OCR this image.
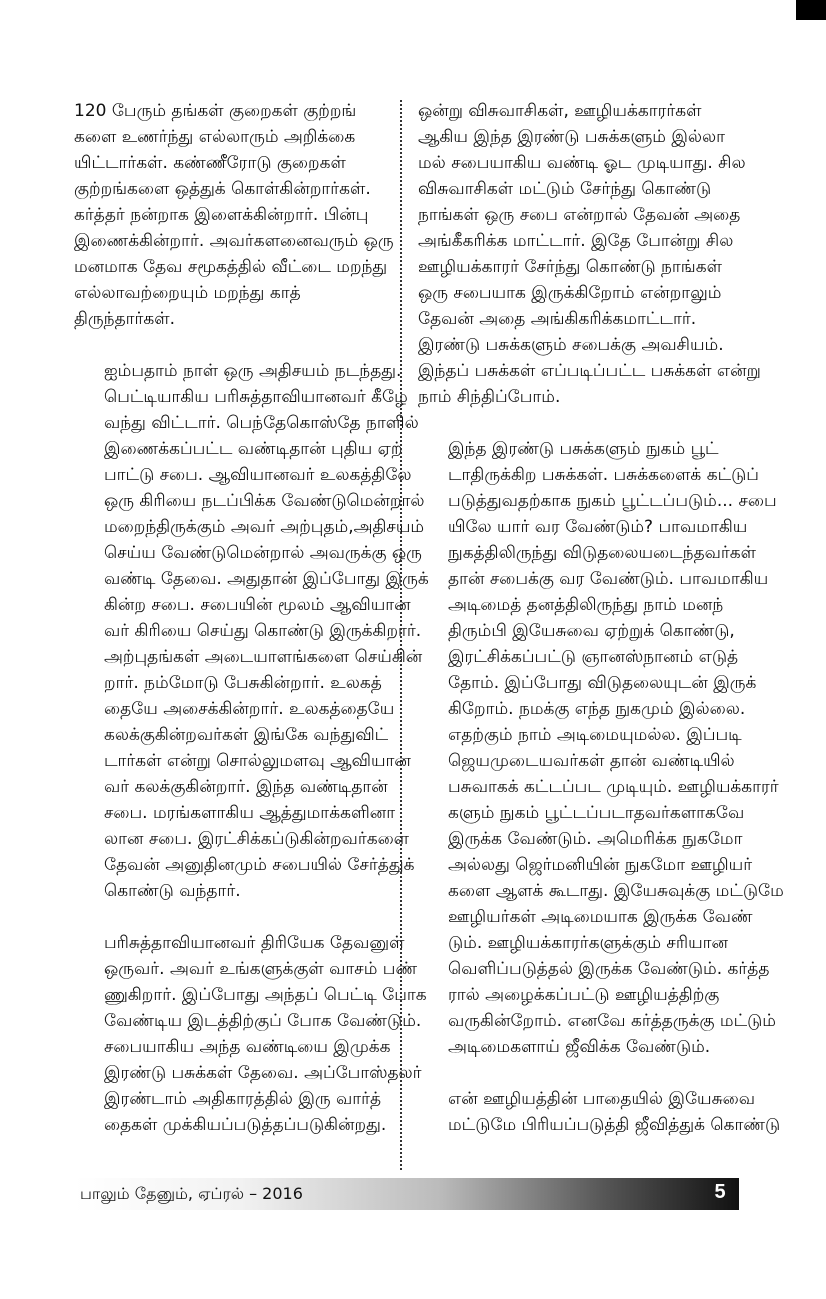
120 பேரும் தங்கள் குறைகள் குற்றங்
களை உணர்ந்து எல்லாரும் அறிக்கை
யிட்டார்கள். கண்ணீரோடு குறைகள்
குற்றங்களை ஒத்துக் கொள்கின்றார்கள்.
கர்த்தர் நன்றாக இளைக்கின்றார். பின்பு
இணைக்கின்றார். அவர்களனைவரும் ஒரு
மனமாக தேவ சமூகத்தில் வீட்டை மறந்து
எல்லாவற்றையும் மறந்து காத்
திருந்தார்கள்.
ஐம்பதாம் நாள் ஒரு அதிசயம் நடந்தது.
பெட்டியாகிய பரிசுத்தாவியானவர் கீழே
வந்து விட்டார். பெந்தேகொஸ்தே நாளில்
இணைக்கப்பட்ட வண்டிதான் புதிய ஏற்
பாட்டு சபை. ஆவியானவர் உலகத்திலே
ஒரு கிரியை நடப்பிக்க வேண்டுமென்றால்
மறைந்திருக்கும் அவர் அற்புதம்,அதிசயம்
செய்ய வேண்டுமென்றால் அவருக்கு ஒரு
வண்டி தேவை. அதுதான் இப்போது இருக்
கின்ற சபை. சபையின் மூலம் ஆவியான
வர் கிரியை செய்து கொண்டு இருக்கிறார்.
அற்புதங்கள் அடையாளங்களை செய்கின்
றார். நம்மோடு பேசுகின்றார். உலகத்
தையே அசைக்கின்றார். உலகத்தையே
கலக்குகின்றவர்கள் இங்கே வந்துவிட்
டார்கள் என்று சொல்லுமளவு ஆவியான
வர் கலக்குகின்றார். இந்த வண்டிதான்
சபை. மரங்களாகிய ஆத்துமாக்களினா
லான சபை. இரட்சிக்கப்டுகின்றவர்களை
தேவன் அனுதினமும் சபையில் சேர்த்துக்
கொண்டு வந்தார்.
பரிசுத்தாவியானவர் திரியேக தேவனுள்
ஒருவர். அவர் உங்களுக்குள் வாசம் பண்
ணுகிறார். இப்போது அந்தப் பெட்டி போக
வேண்டிய இடத்திற்குப் போக வேண்டும்.
சபையாகிய அந்த வண்டியை இமுக்க
இரண்டு பசுக்கள் தேவை. அப்போஸ்தலர்
இரண்டாம் அதிகாரத்தில் இரு வார்த்
தைகள் முக்கியப்படுத்தப்படுகின்றது.
ஒன்று விசுவாசிகள், ஊழியக்காரர்கள்
ஆகிய இந்த இரண்டு பசுக்களும் இல்லா
மல் சபையாகிய வண்டி ஓட முடியாது. சில
விசுவாசிகள் மட்டும் சேர்ந்து கொண்டு
நாங்கள் ஒரு சபை என்றால் தேவன் அதை
அங்கீகரிக்க மாட்டார். இதே போன்று சில
ஊழியக்காரர் சேர்ந்து கொண்டு நாங்கள்
ஒரு சபையாக இருக்கிறோம் என்றாலும்
தேவன் அதை அங்கிகரிக்கமாட்டார்.
இரண்டு பசுக்களும் சபைக்கு அவசியம்.
இந்தப் பசுக்கள் எப்படிப்பட்ட பசுக்கள் என்று
நாம் சிந்திப்போம்.
இந்த இரண்டு பசுக்களும் நுகம் பூட்
டாதிருக்கிற பசுக்கள். பசுக்களைக் கட்டுப்
படுத்துவதற்காக நுகம் பூட்டப்படும்... சபை
யிலே யார் வர வேண்டும்? பாவமாகிய
நுகத்திலிருந்து விடுதலையடைந்தவர்கள்
தான் சபைக்கு வர வேண்டும். பாவமாகிய
அடிமைத் தனத்திலிருந்து நாம் மனந்
திரும்பி இயேசுவை ஏற்றுக் கொண்டு,
இரட்சிக்கப்பட்டு ஞானஸ்நானம் எடுத்
தோம். இப்போது விடுதலையுடன் இருக்
கிறோம். நமக்கு எந்த நுகமும் இல்லை.
எதற்கும் நாம் அடிமையுமல்ல. இப்படி
ஜெயமுடையவர்கள் தான் வண்டியில்
பசுவாகக் கட்டப்பட முடியும். ஊழியக்காரர்
களும் நுகம் பூட்டப்படாதவர்களாகவே
இருக்க வேண்டும். அமெரிக்க நுகமோ
அல்லது ஜெர்மனியின் நுகமோ ஊழியர்
களை ஆளக் கூடாது. இயேசுவுக்கு மட்டுமே
ஊழியர்கள் அடிமையாக இருக்க வேண்
டும். ஊழியக்காரர்களுக்கும் சரியான
வெளிப்படுத்தல் இருக்க வேண்டும். கர்த்த
ரால் அழைக்கப்பட்டு ஊழியத்திற்கு
வருகின்றோம். எனவே கர்த்தருக்கு மட்டும்
அடிமைகளாய் ஜீவிக்க வேண்டும்.
என் ஊழியத்தின் பாதையில் இயேசுவை
மட்டுமே பிரியப்படுத்தி ஜீவித்துக் கொண்டு
பாலும் தேனும், ஏப்ரல் – 2016	5
